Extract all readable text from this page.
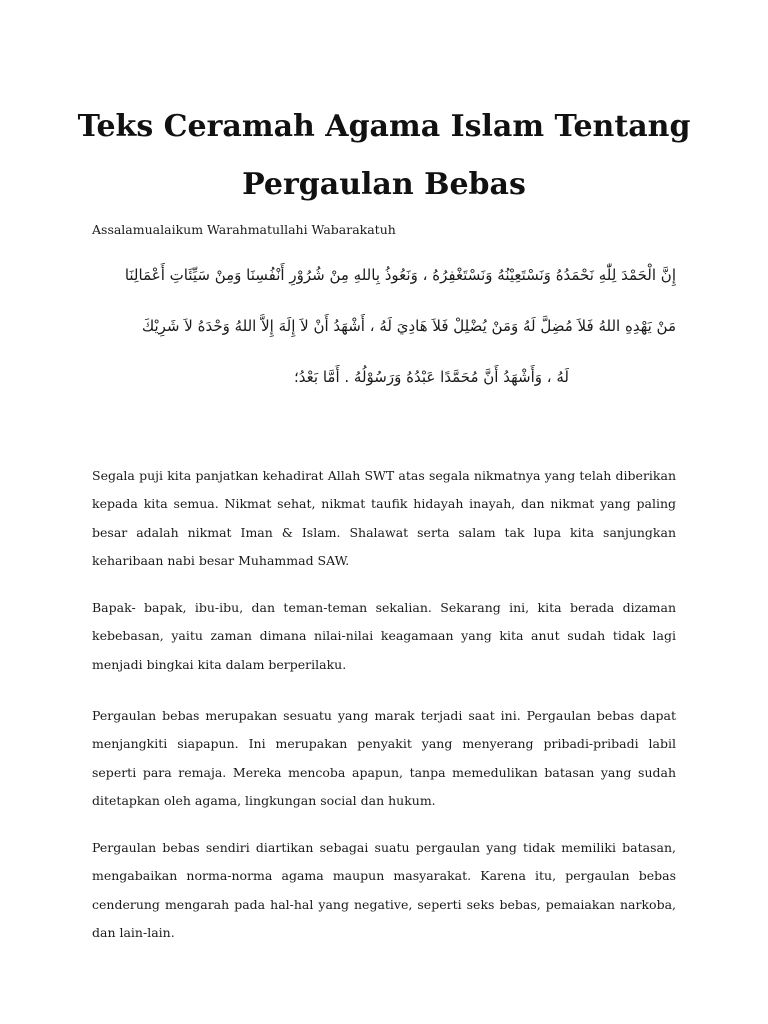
Teks Ceramah Agama Islam Tentang Pergaulan Bebas

Assalamualaikum Warahmatullahi Wabarakatuh

إِنَّ الْحَمْدَ لِلّٰهِ نَحْمَدُهُ وَنَسْتَعِيْنُهُ وَنَسْتَغْفِرُهُ ، وَنَعُوذُ بِاللهِ مِنْ شُرُوْرِ أَنْفُسِنَا وَمِنْ سَيِّئَاتِ أَعْمَالِنَا

مَنْ يَهْدِهِ اللهُ فَلاَ مُضِلَّ لَهُ وَمَنْ يُضْلِلْ فَلاَ هَادِيَ لَهُ ، أَشْهَدُ أَنْ لاَ إِلَهَ إِلاَّ اللهُ وَحْدَهُ لاَ شَرِيْكَ

لَهُ ، وَأَشْهَدُ أَنَّ مُحَمَّدًا عَبْدُهُ وَرَسُوْلُهُ . أَمَّا بَعْدُ؛

Segala puji kita panjatkan kehadirat Allah SWT atas segala nikmatnya yang telah diberikan kepada kita semua. Nikmat sehat, nikmat taufik hidayah inayah, dan nikmat yang paling besar adalah nikmat Iman & Islam. Shalawat serta salam tak lupa kita sanjungkan keharibaan nabi besar Muhammad SAW.

Bapak- bapak, ibu-ibu, dan teman-teman sekalian. Sekarang ini, kita berada dizaman kebebasan, yaitu zaman dimana nilai-nilai keagamaan yang kita anut sudah tidak lagi menjadi bingkai kita dalam berperilaku.

Pergaulan bebas merupakan sesuatu yang marak terjadi saat ini. Pergaulan bebas dapat menjangkiti siapapun. Ini merupakan penyakit yang menyerang pribadi-pribadi labil seperti para remaja. Mereka mencoba apapun, tanpa memedulikan batasan yang sudah ditetapkan oleh agama, lingkungan social dan hukum.

Pergaulan bebas sendiri diartikan sebagai suatu pergaulan yang tidak memiliki batasan, mengabaikan norma-norma agama maupun masyarakat. Karena itu, pergaulan bebas cenderung mengarah pada hal-hal yang negative, seperti seks bebas, pemaiakan narkoba, dan lain-lain.
